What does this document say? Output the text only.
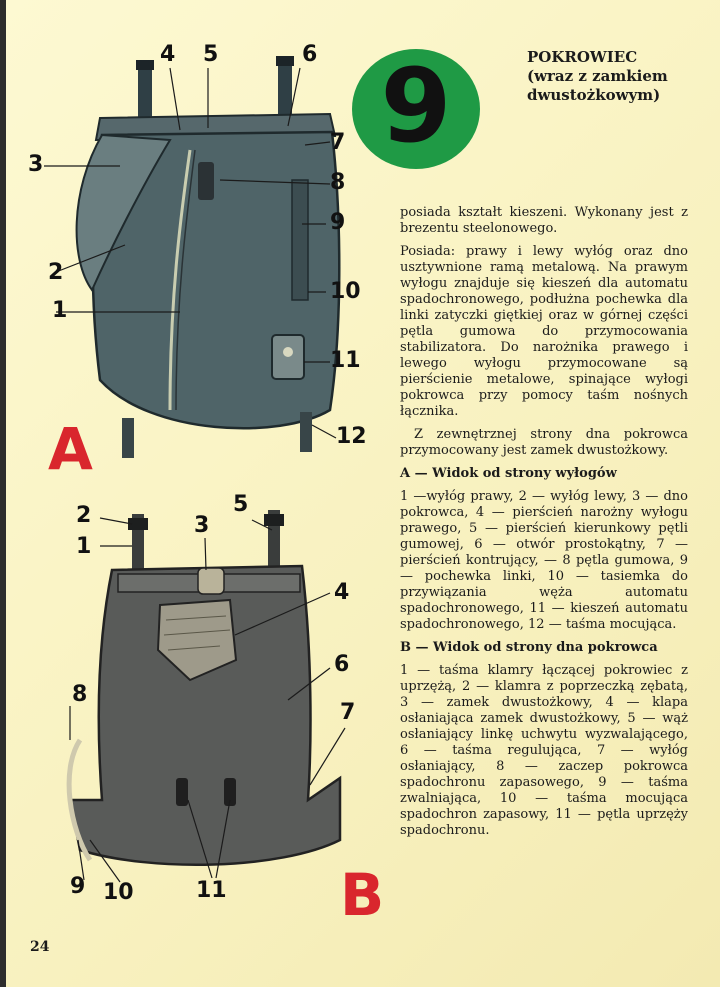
9	POKROWIEC
(wraz z zamkiem
dwustożkowym)
4 5	6
3
7
8
9
2
10
1
11
12
A
2	5
3
1
4
6
8
7
9 10	11 B

posiada kształt kieszeni. Wykonany jest z brezentu steelonowego.

Posiada: prawy i lewy wyłóg oraz dno usztywnione ramą metalową. Na prawym wyłogu znajduje się kieszeń dla automatu spadochronowego, podłużna pochewka dla linki zatyczki giętkiej oraz w górnej części pętla gumowa do przymocowania stabilizatora. Do narożnika prawego i lewego wyłogu przymocowane są pierścienie metalowe, spinające wyłogi pokrowca przy pomocy taśm nośnych łącznika.

Z zewnętrznej strony dna pokrowca przymocowany jest zamek dwustożkowy.

A — Widok od strony wyłogów

1 —wyłóg prawy, 2 — wyłóg lewy, 3 — dno pokrowca, 4 — pierścień narożny wyłogu prawego, 5 — pierścień kierunkowy pętli gumowej, 6 — otwór prostokątny, 7 — pierścień kontrujący, — 8 pętla gumowa, 9 — pochewka linki, 10 — tasiemka do przywiązania węża automatu spadochronowego, 11 — kieszeń automatu spadochronowego, 12 — taśma mocująca.

B — Widok od strony dna pokrowca

1 — taśma klamry łączącej pokrowiec z uprzężą, 2 — klamra z poprzeczką zębatą, 3 — zamek dwustożkowy, 4 — klapa osłaniająca zamek dwustożkowy, 5 — wąż osłaniający linkę uchwytu wyzwalającego, 6 — taśma regulująca, 7 — wyłóg osłaniający, 8 — zaczep pokrowca spadochronu zapasowego, 9 — taśma zwalniająca, 10 — taśma mocująca spadochron zapasowy, 11 — pętla uprzęży spadochronu.

24
